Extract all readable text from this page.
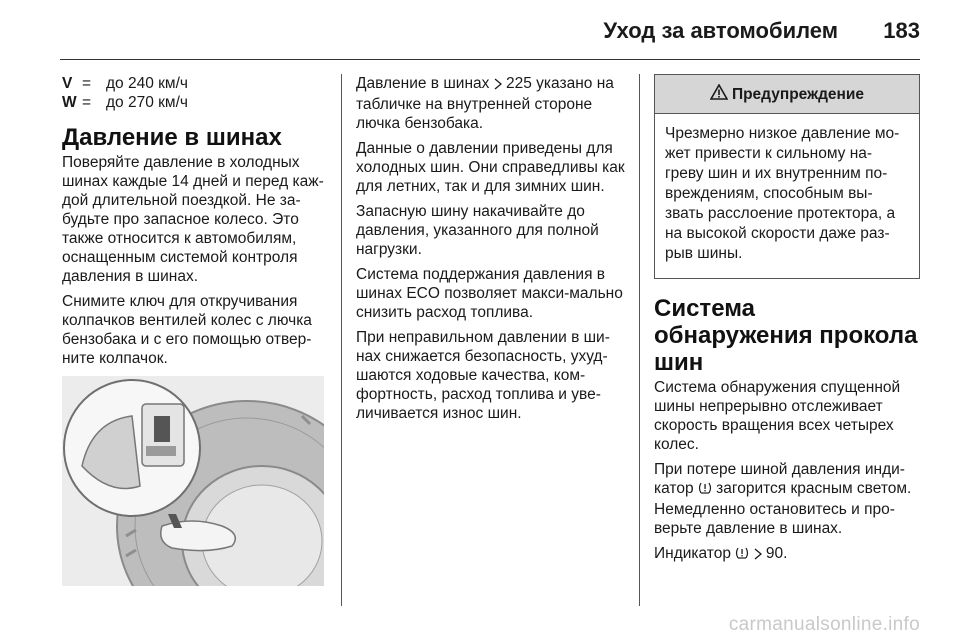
Уход за автомобилем 183
V = до 240 км/ч
W = до 270 км/ч
Давление в шинах

Поверяйте давление в холодных шинах каждые 14 дней и перед каж-дой длительной поездкой. Не за-будьте про запасное колесо. Это также относится к автомобилям, оснащенным системой контроля давления в шинах.

Снимите ключ для откручивания колпачков вентилей колес с лючка бензобака и с его помощью отвер-ните колпачок.

Давление в шинах  225 указано на табличке на внутренней стороне лючка бензобака.

Данные о давлении приведены для холодных шин. Они справедливы как для летних, так и для зимних шин.

Запасную шину накачивайте до давления, указанного для полной нагрузки.

Система поддержания давления в шинах ECO позволяет макси-мально снизить расход топлива.

При неправильном давлении в ши-нах снижается безопасность, ухуд-шаются ходовые качества, ком-фортность, расход топлива и уве-личивается износ шин.

Предупреждение
Чрезмерно низкое давление мо-жет привести к сильному на-греву шин и их внутренним по-вреждениям, способным вы-звать расслоение протектора, а на высокой скорости даже раз-рыв шины.
Система обнаружения прокола шин

Система обнаружения спущенной шины непрерывно отслеживает скорость вращения всех четырех колес.

При потере шиной давления инди-катор  загорится красным светом. Немедленно остановитесь и про-верьте давление в шинах.

Индикатор   90.

carmanualsonline.info
